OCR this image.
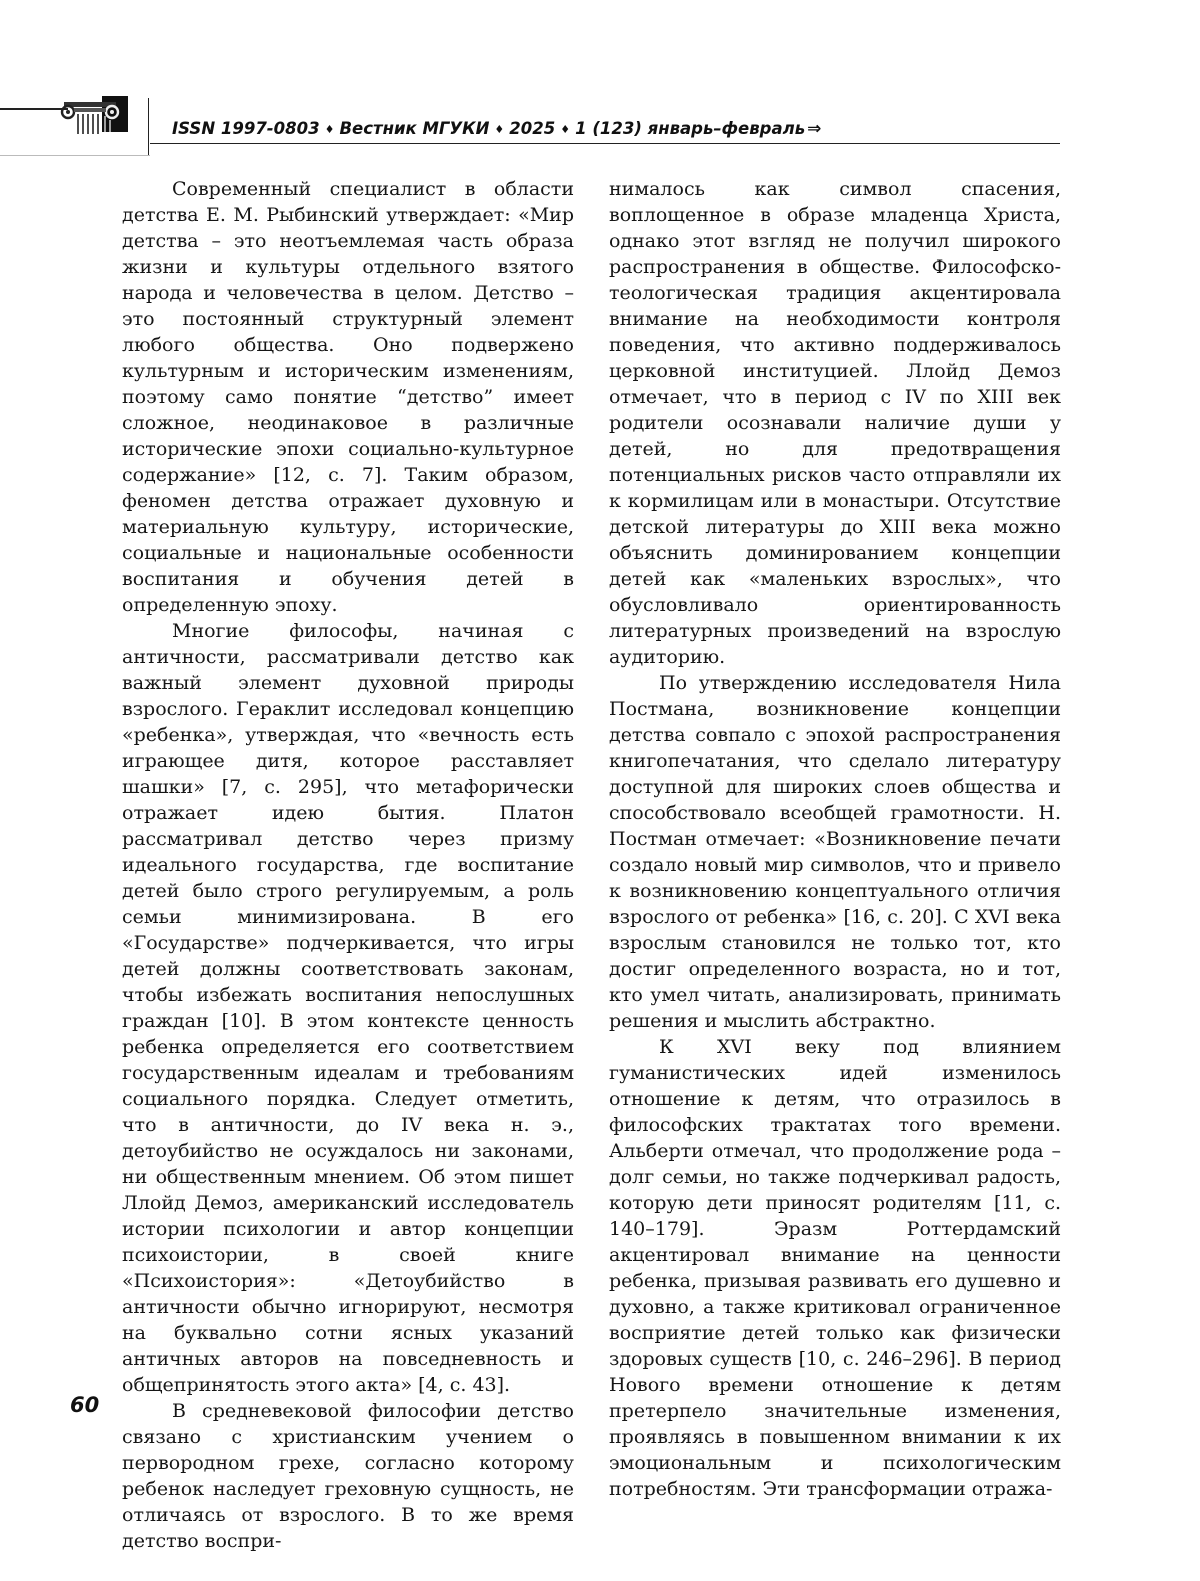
ISSN 1997-0803 ♦ Вестник МГУКИ ♦ 2025 ♦ 1 (123) январь–февраль ⇒

Современный специалист в области детства Е. М. Рыбинский утверждает: «Мир детства – это неотъемлемая часть образа жизни и культуры отдельного взятого народа и человечества в целом. Детство – это постоянный структурный элемент любого общества. Оно подвержено культурным и историческим изменениям, поэтому само понятие “детство” имеет сложное, неодинаковое в различные исторические эпохи социально-культурное содержание» [12, с. 7]. Таким образом, феномен детства отражает духовную и материальную культуру, исторические, социальные и национальные особенности воспитания и обучения детей в определенную эпоху.

Многие философы, начиная с античности, рассматривали детство как важный элемент духовной природы взрослого. Гераклит исследовал концепцию «ребенка», утверждая, что «вечность есть играющее дитя, которое расставляет шашки» [7, с. 295], что метафорически отражает идею бытия. Платон рассматривал детство через призму идеального государства, где воспитание детей было строго регулируемым, а роль семьи минимизирована. В его «Государстве» подчеркивается, что игры детей должны соответствовать законам, чтобы избежать воспитания непослушных граждан [10]. В этом контексте ценность ребенка определяется его соответствием государственным идеалам и требованиям социального порядка. Следует отметить, что в античности, до IV века н. э., детоубийство не осуждалось ни законами, ни общественным мнением. Об этом пишет Ллойд Демоз, американский исследователь истории психологии и автор концепции психоистории, в своей книге «Психоистория»: «Детоубийство в античности обычно игнорируют, несмотря на буквально сотни ясных указаний античных авторов на повседневность и общепринятость этого акта» [4, с. 43].

В средневековой философии детство связано с христианским учением о первородном грехе, согласно которому ребенок наследует греховную сущность, не отличаясь от взрослого. В то же время детство воспри-

нималось как символ спасения, воплощенное в образе младенца Христа, однако этот взгляд не получил широкого распространения в обществе. Философско-теологическая традиция акцентировала внимание на необходимости контроля поведения, что активно поддерживалось церковной институцией. Ллойд Демоз отмечает, что в период с IV по XIII век родители осознавали наличие души у детей, но для предотвращения потенциальных рисков часто отправляли их к кормилицам или в монастыри. Отсутствие детской литературы до XIII века можно объяснить доминированием концепции детей как «маленьких взрослых», что обусловливало ориентированность литературных произведений на взрослую аудиторию.

По утверждению исследователя Нила Постмана, возникновение концепции детства совпало с эпохой распространения книгопечатания, что сделало литературу доступной для широких слоев общества и способствовало всеобщей грамотности. Н. Постман отмечает: «Возникновение печати создало новый мир символов, что и привело к возникновению концептуального отличия взрослого от ребенка» [16, с. 20]. С XVI века взрослым становился не только тот, кто достиг определенного возраста, но и тот, кто умел читать, анализировать, принимать решения и мыслить абстрактно.

К XVI веку под влиянием гуманистических идей изменилось отношение к детям, что отразилось в философских трактатах того времени. Альберти отмечал, что продолжение рода – долг семьи, но также подчеркивал радость, которую дети приносят родителям [11, с. 140–179]. Эразм Роттердамский акцентировал внимание на ценности ребенка, призывая развивать его душевно и духовно, а также критиковал ограниченное восприятие детей только как физически здоровых существ [10, с. 246–296]. В период Нового времени отношение к детям претерпело значительные изменения, проявляясь в повышенном внимании к их эмоциональным и психологическим потребностям. Эти трансформации отража-

60
